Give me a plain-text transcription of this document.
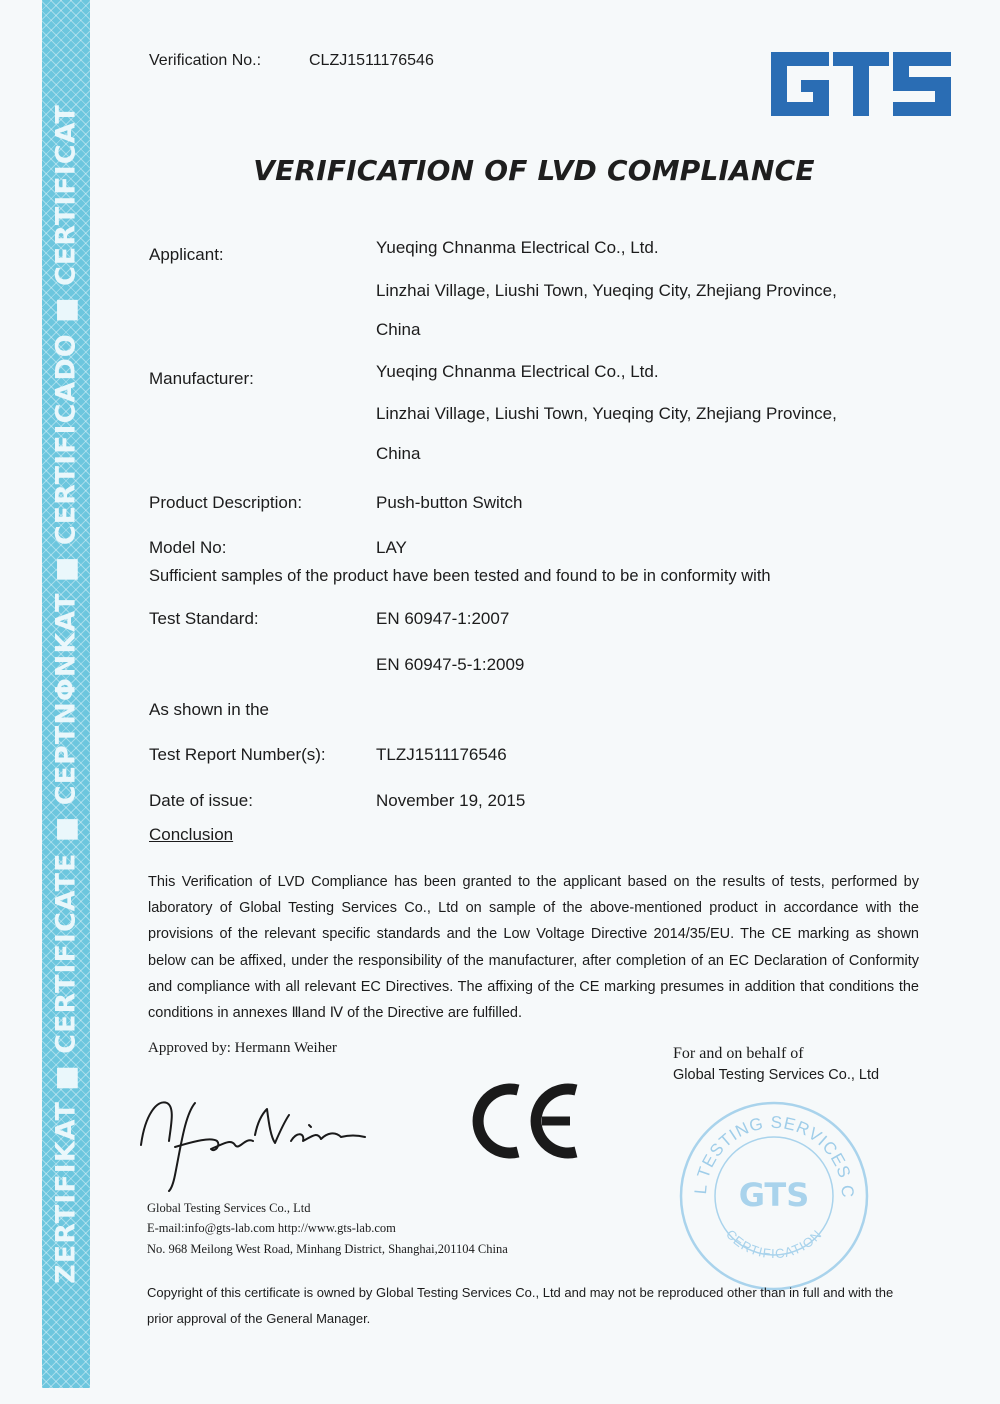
ZERTIFIKAT ■ CERTIFICATE ■ CEPTNΦNKAT ■ CERTIFICADO ■ CERTIFICAT
Verification No.:	CLZJ1511176546
VERIFICATION OF LVD COMPLIANCE
Applicant:	Yueqing Chnanma Electrical Co., Ltd.
Linzhai Village, Liushi Town, Yueqing City, Zhejiang Province,
China
Manufacturer:	Yueqing Chnanma Electrical Co., Ltd.
Linzhai Village, Liushi Town, Yueqing City, Zhejiang Province,
China
Product Description:	Push-button Switch
Model No:	LAY
Sufficient samples of the product have been tested and found to be in conformity with
Test Standard:	EN 60947-1:2007
EN 60947-5-1:2009
As shown in the
Test Report Number(s):	TLZJ1511176546
Date of issue:	November 19, 2015
Conclusion
This Verification of LVD Compliance has been granted to the applicant based on the results of tests, performed by laboratory of Global Testing Services Co., Ltd on sample of the above-mentioned product in accordance with the provisions of the relevant specific standards and the Low Voltage Directive 2014/35/EU. The CE marking as shown below can be affixed, under the responsibility of the manufacturer, after completion of an EC Declaration of Conformity and compliance with all relevant EC Directives. The affixing of the CE marking presumes in addition that conditions the conditions in annexes Ⅲand Ⅳ of the Directive are fulfilled.
Approved by: Hermann Weiher	For and on behalf of
Global Testing Services Co., Ltd
L TESTING SERVICES C
GTS
CERTIFICATION
Global Testing Services Co., Ltd
E-mail:info@gts-lab.com http://www.gts-lab.com
No. 968 Meilong West Road, Minhang District, Shanghai,201104 China
Copyright of this certificate is owned by Global Testing Services Co., Ltd and may not be reproduced other than in full and with the prior approval of the General Manager.
